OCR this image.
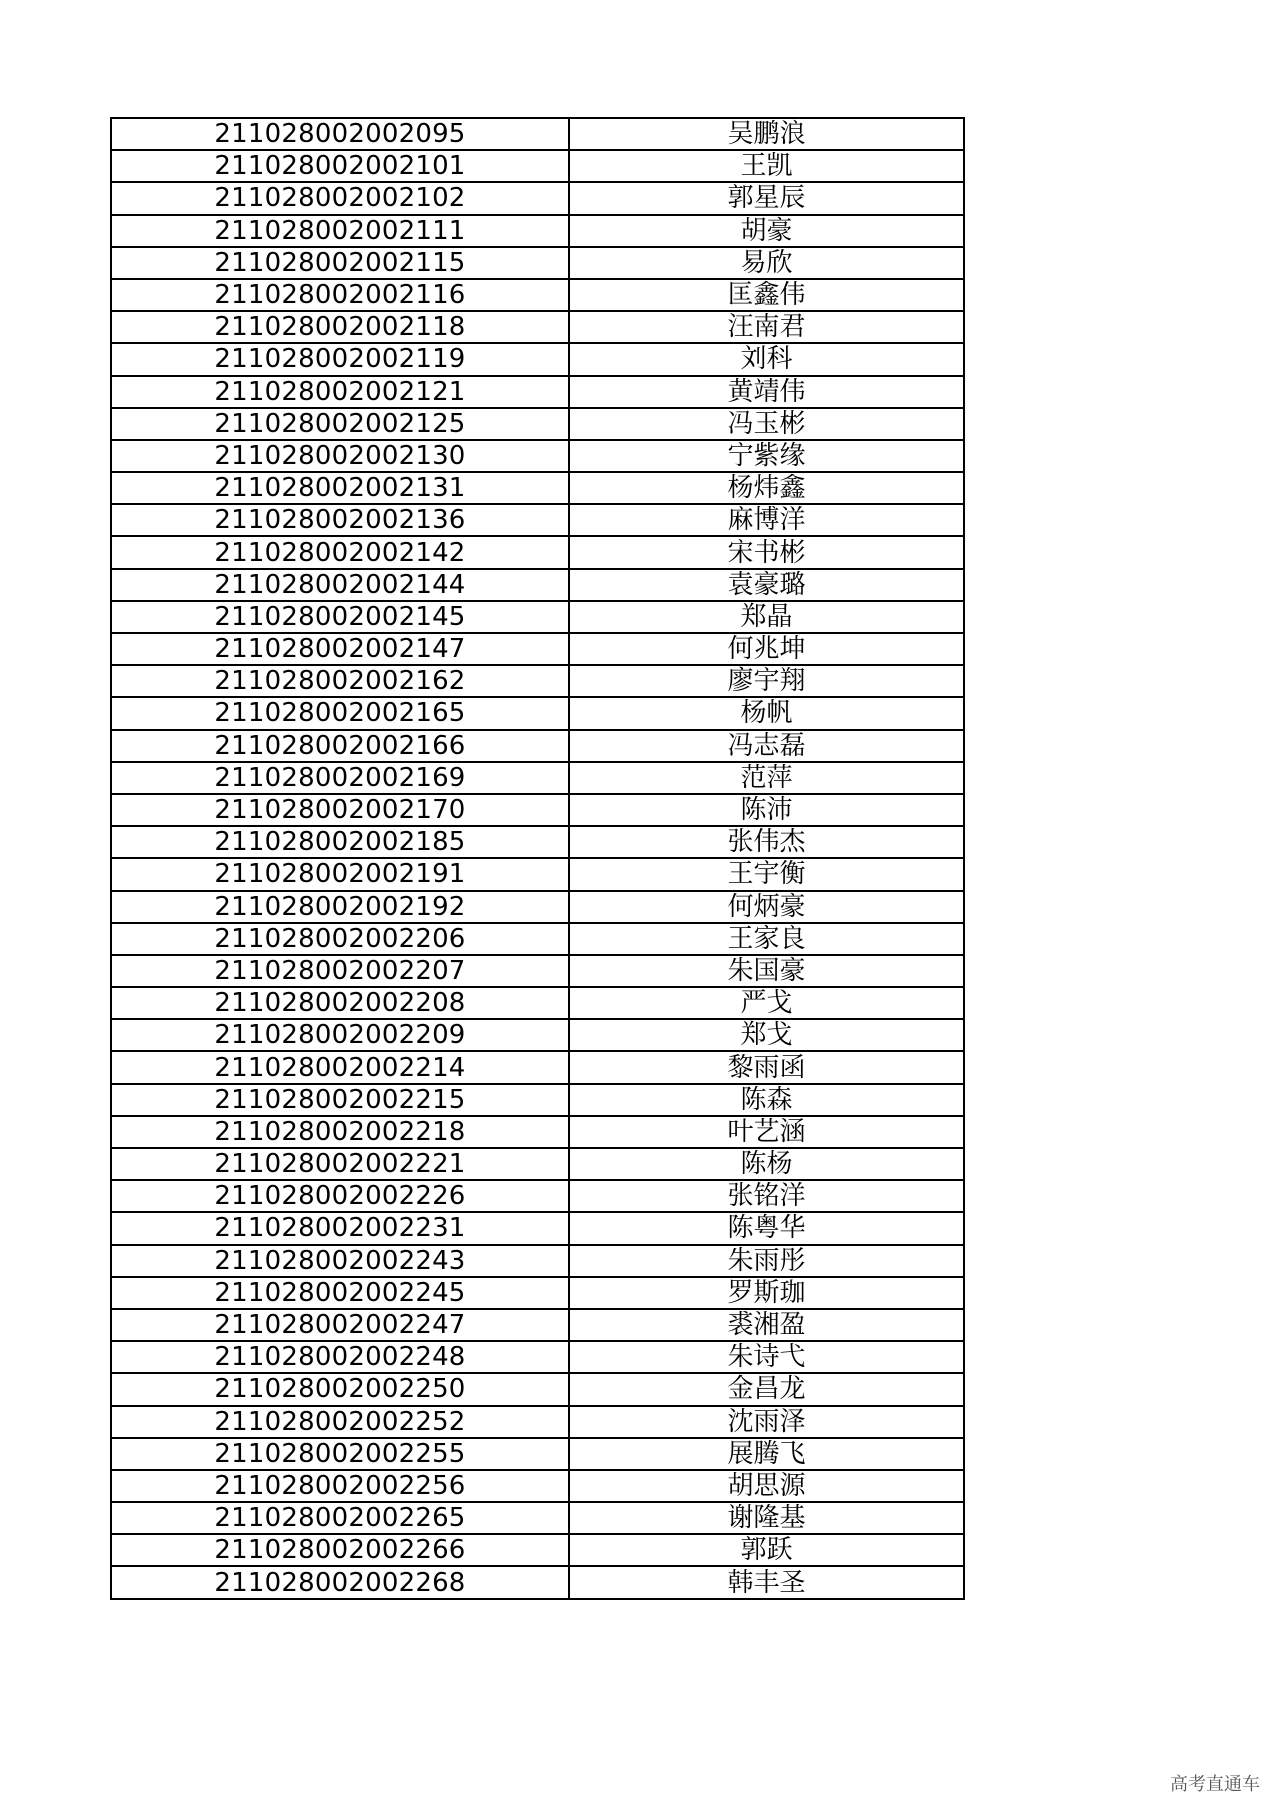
211028002002095	吴鹏浪
211028002002101	王凯
211028002002102	郭星辰
211028002002111	胡豪
211028002002115	易欣
211028002002116	匡鑫伟
211028002002118	汪南君
211028002002119	刘科
211028002002121	黄靖伟
211028002002125	冯玉彬
211028002002130	宁紫缘
211028002002131	杨炜鑫
211028002002136	麻博洋
211028002002142	宋书彬
211028002002144	袁豪璐
211028002002145	郑晶
211028002002147	何兆坤
211028002002162	廖宇翔
211028002002165	杨帆
211028002002166	冯志磊
211028002002169	范萍
211028002002170	陈沛
211028002002185	张伟杰
211028002002191	王宇衡
211028002002192	何炳豪
211028002002206	王家良
211028002002207	朱国豪
211028002002208	严戈
211028002002209	郑戈
211028002002214	黎雨函
211028002002215	陈森
211028002002218	叶艺涵
211028002002221	陈杨
211028002002226	张铭洋
211028002002231	陈粤华
211028002002243	朱雨彤
211028002002245	罗斯珈
211028002002247	裘湘盈
211028002002248	朱诗弋
211028002002250	金昌龙
211028002002252	沈雨泽
211028002002255	展腾飞
211028002002256	胡思源
211028002002265	谢隆基
211028002002266	郭跃
211028002002268	韩丰圣
高考直通车
